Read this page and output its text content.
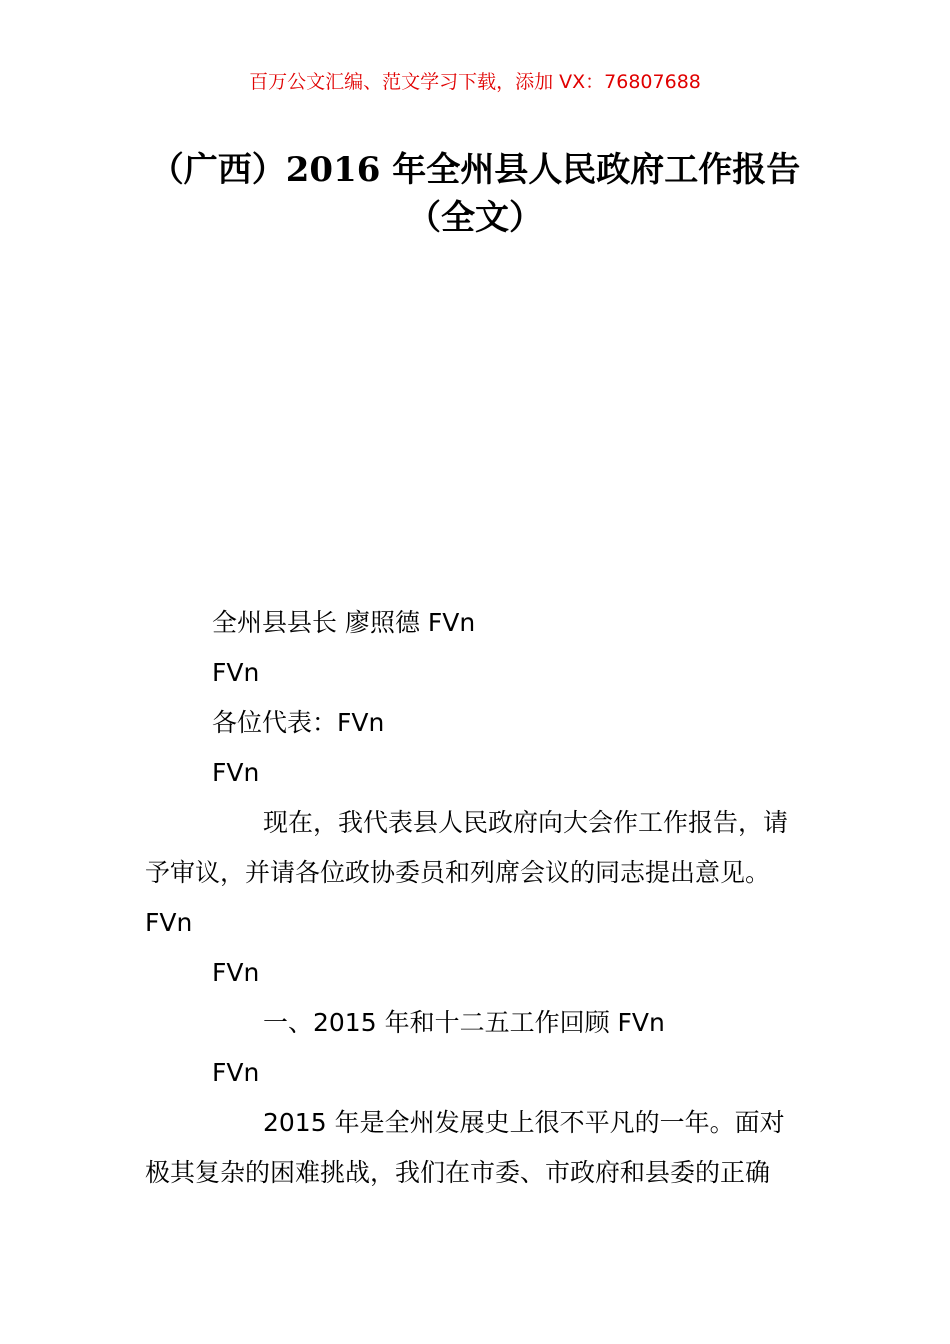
百万公文汇编、范文学习下载，添加 VX：76807688

（广西）2016 年全州县人民政府工作报告
（全文）

全州县县长 廖照德 FVn

FVn

各位代表：FVn

FVn

现在，我代表县人民政府向大会作工作报告，请

予审议，并请各位政协委员和列席会议的同志提出意见。

FVn

FVn

一、2015 年和十二五工作回顾 FVn

FVn

2015 年是全州发展史上很不平凡的一年。面对

极其复杂的困难挑战，我们在市委、市政府和县委的正确
